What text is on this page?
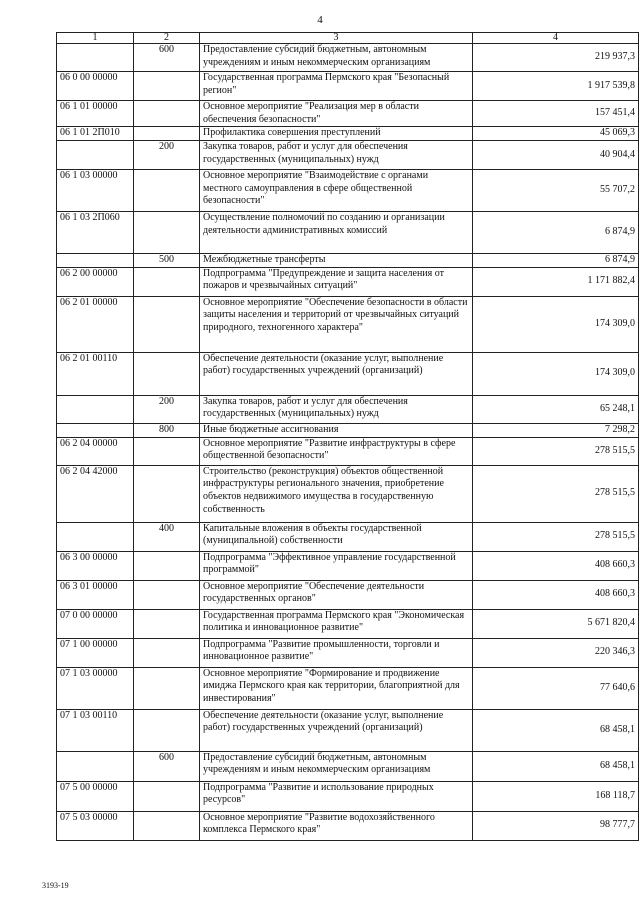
4
1	2	3	4
	600	Предоставление субсидий бюджетным, автономным учреждениям и иным некоммерческим организациям	219 937,3
06 0 00 00000		Государственная программа Пермского края "Безопасный регион"	1 917 539,8
06 1 01 00000		Основное мероприятие "Реализация мер в области обеспечения безопасности"	157 451,4
06 1 01 2П010		Профилактика совершения преступлений	45 069,3
	200	Закупка товаров, работ и услуг для обеспечения государственных (муниципальных) нужд	40 904,4
06 1 03 00000		Основное мероприятие "Взаимодействие с органами местного самоуправления в сфере общественной безопасности"	55 707,2
06 1 03 2П060		Осуществление полномочий по созданию и организации деятельности административных комиссий	6 874,9
	500	Межбюджетные трансферты	6 874,9
06 2 00 00000		Подпрограмма "Предупреждение и защита населения от пожаров и чрезвычайных ситуаций"	1 171 882,4
06 2 01 00000		Основное мероприятие "Обеспечение безопасности в области защиты населения и территорий от чрезвычайных ситуаций природного, техногенного характера"	174 309,0
06 2 01 00110		Обеспечение деятельности (оказание услуг, выполнение работ) государственных учреждений (организаций)	174 309,0
	200	Закупка товаров, работ и услуг для обеспечения государственных (муниципальных) нужд	65 248,1
	800	Иные бюджетные ассигнования	7 298,2
06 2 04 00000		Основное мероприятие "Развитие инфраструктуры в сфере общественной безопасности"	278 515,5
06 2 04 42000		Строительство (реконструкция) объектов общественной инфраструктуры регионального значения, приобретение объектов недвижимого имущества в государственную собственность	278 515,5
	400	Капитальные вложения в объекты государственной (муниципальной) собственности	278 515,5
06 3 00 00000		Подпрограмма "Эффективное управление государственной программой"	408 660,3
06 3 01 00000		Основное мероприятие "Обеспечение деятельности государственных органов"	408 660,3
07 0 00 00000		Государственная программа Пермского края "Экономическая политика и инновационное развитие"	5 671 820,4
07 1 00 00000		Подпрограмма "Развитие промышленности, торговли и инновационное развитие"	220 346,3
07 1 03 00000		Основное мероприятие "Формирование и продвижение имиджа Пермского края как территории, благоприятной для инвестирования"	77 640,6
07 1 03 00110		Обеспечение деятельности (оказание услуг, выполнение работ) государственных учреждений (организаций)	68 458,1
	600	Предоставление субсидий бюджетным, автономным учреждениям и иным некоммерческим организациям	68 458,1
07 5 00 00000		Подпрограмма "Развитие и использование природных ресурсов"	168 118,7
07 5 03 00000		Основное мероприятие "Развитие водохозяйственного комплекса Пермского края"	98 777,7
3193-19
